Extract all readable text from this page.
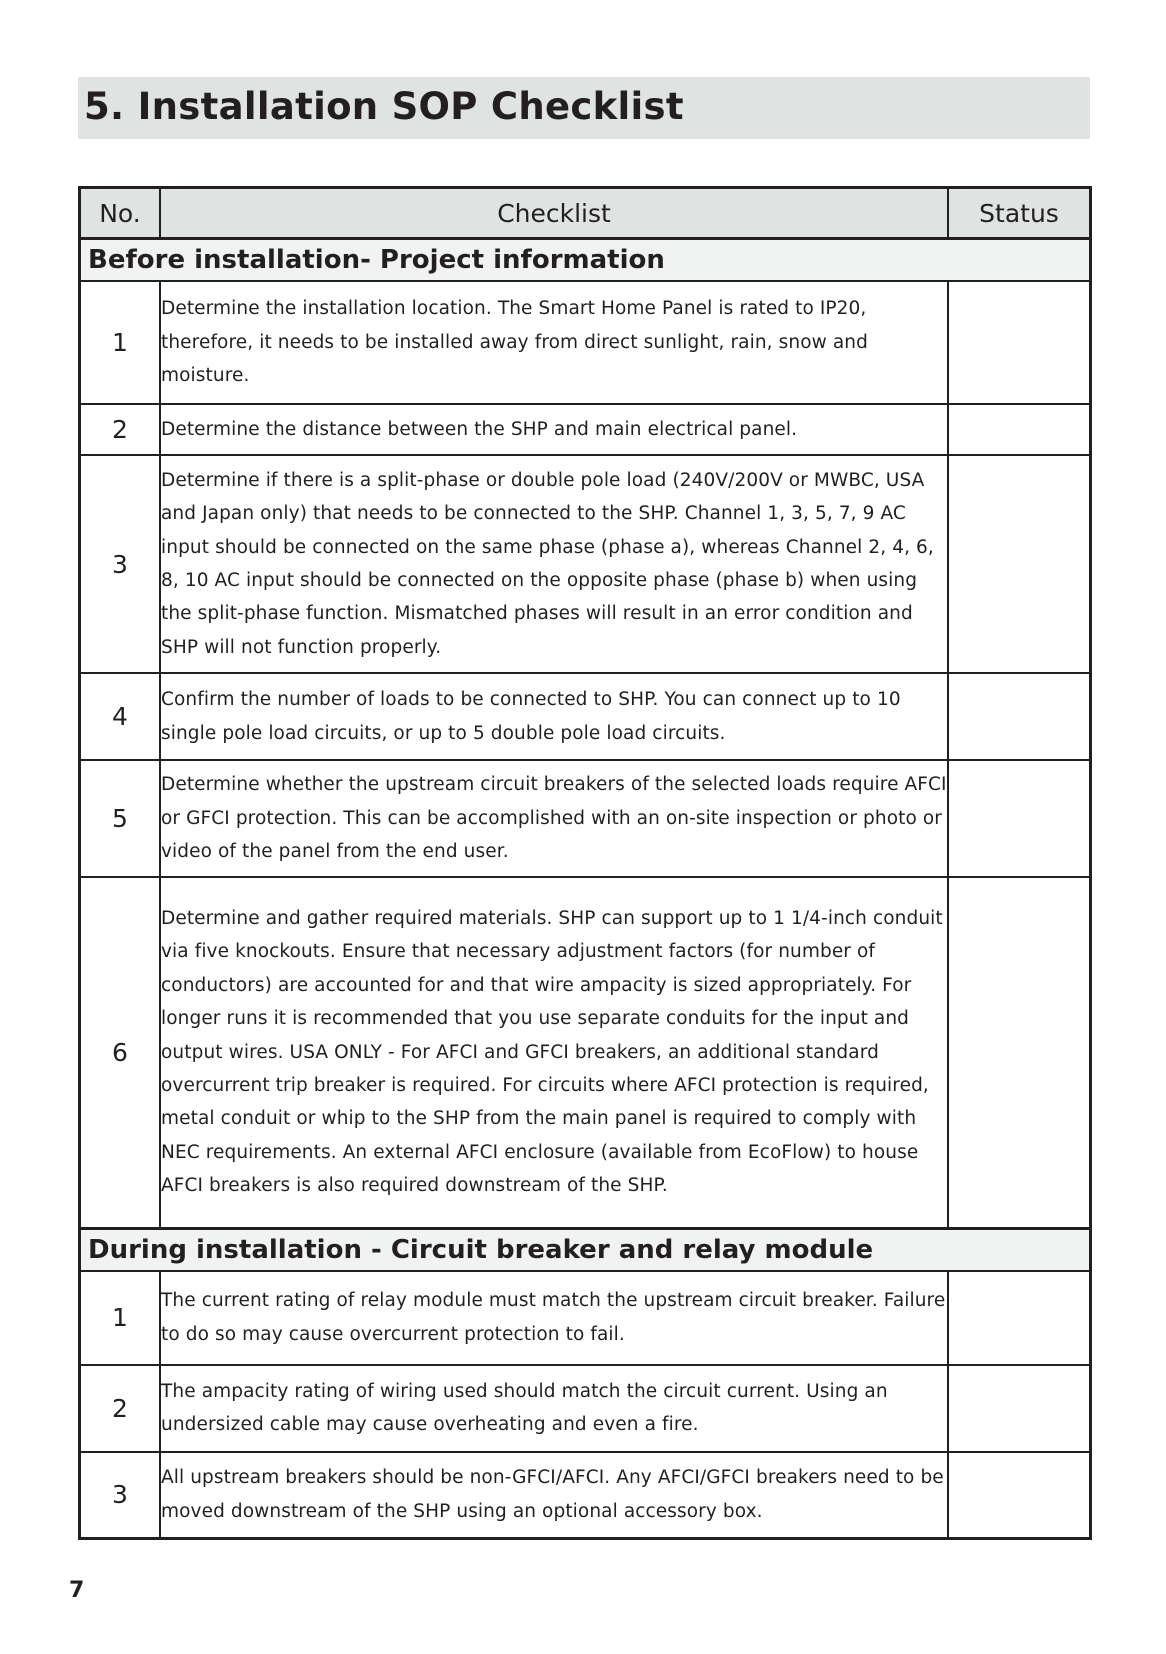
5. Installation SOP Checklist
No.	Checklist	Status
Before installation- Project information		
1	Determine the installation location. The Smart Home Panel is rated to IP20, therefore, it needs to be installed away from direct sunlight, rain, snow and moisture.	
2	Determine the distance between the SHP and main electrical panel.	
3	Determine if there is a split-phase or double pole load (240V/200V or MWBC, USA and Japan only) that needs to be connected to the SHP. Channel 1, 3, 5, 7, 9 AC input should be connected on the same phase (phase a), whereas Channel 2, 4, 6, 8, 10 AC input should be connected on the opposite phase (phase b) when using the split-phase function. Mismatched phases will result in an error condition and SHP will not function properly.	
4	Confirm the number of loads to be connected to SHP. You can connect up to 10 single pole load circuits, or up to 5 double pole load circuits.	
5	Determine whether the upstream circuit breakers of the selected loads require AFCI or GFCI protection. This can be accomplished with an on-site inspection or photo or video of the panel from the end user.	
6	Determine and gather required materials. SHP can support up to 1 1/4-inch conduit via five knockouts. Ensure that necessary adjustment factors (for number of conductors) are accounted for and that wire ampacity is sized appropriately. For longer runs it is recommended that you use separate conduits for the input and output wires. USA ONLY - For AFCI and GFCI breakers, an additional standard overcurrent trip breaker is required. For circuits where AFCI protection is required, metal conduit or whip to the SHP from the main panel is required to comply with NEC requirements. An external AFCI enclosure (available from EcoFlow) to house AFCI breakers is also required downstream of the SHP.	
During installation - Circuit breaker and relay module		
1	The current rating of relay module must match the upstream circuit breaker. Failure to do so may cause overcurrent protection to fail.	
2	The ampacity rating of wiring used should match the circuit current. Using an undersized cable may cause overheating and even a fire.	
3	All upstream breakers should be non-GFCI/AFCI. Any AFCI/GFCI breakers need to be moved downstream of the SHP using an optional accessory box.	
7
